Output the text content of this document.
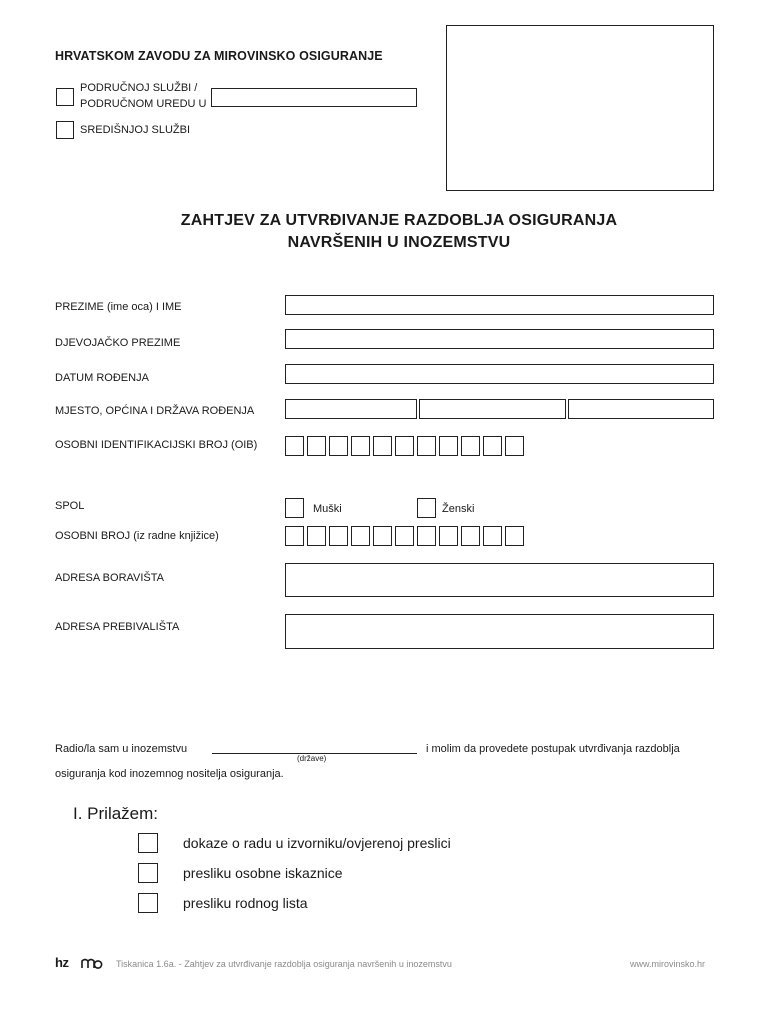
HRVATSKOM ZAVODU ZA MIROVINSKO OSIGURANJE
PODRUČNOJ SLUŽBI /
PODRUČNOM UREDU U
SREDIŠNJOJ SLUŽBI
ZAHTJEV ZA UTVRĐIVANJE RAZDOBLJA OSIGURANJA
NAVRŠENIH U INOZEMSTVU
PREZIME (ime oca) I IME
DJEVOJAČKO PREZIME
DATUM ROĐENJA
MJESTO, OPĆINA I DRŽAVA ROĐENJA
OSOBNI IDENTIFIKACIJSKI BROJ (OIB)
SPOL	Muški	Ženski
OSOBNI BROJ (iz radne knjižice)
ADRESA BORAVIŠTA
ADRESA PREBIVALIŠTA
Radio/la sam u inozemstvu
(države)
i molim da provedete postupak utvrđivanja razdoblja
osiguranja kod inozemnog nositelja osiguranja.
I. Prilažem:
dokaze o radu u izvorniku/ovjerenoj preslici
presliku osobne iskaznice
presliku rodnog lista
hz	Tiskanica 1.6a. - Zahtjev za utvrđivanje razdoblja osiguranja navršenih u inozemstvu	www.mirovinsko.hr
